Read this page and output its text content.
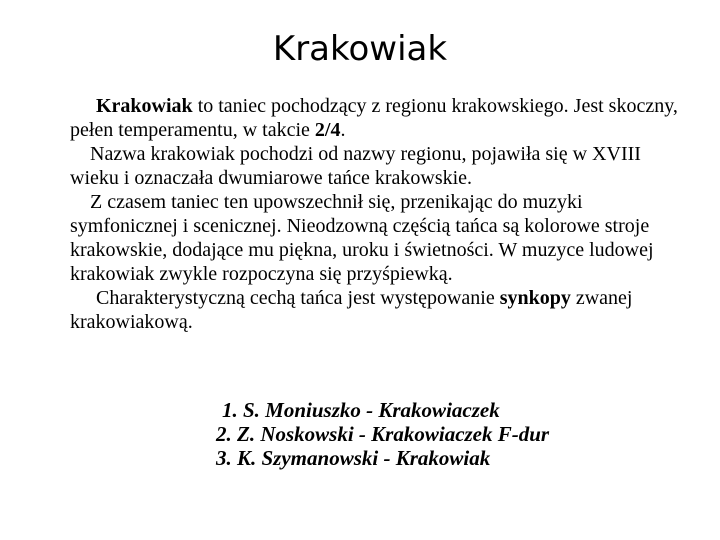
Krakowiak

Krakowiak to taniec pochodzący z regionu krakowskiego. Jest skoczny, pełen temperamentu, w takcie 2/4.

Nazwa krakowiak pochodzi od nazwy regionu, pojawiła się w XVIII wieku i oznaczała dwumiarowe tańce krakowskie.

Z czasem taniec ten upowszechnił się, przenikając do muzyki symfonicznej i scenicznej. Nieodzowną częścią tańca są kolorowe stroje krakowskie, dodające mu piękna, uroku i świetności. W muzyce ludowej krakowiak zwykle rozpoczyna się przyśpiewką.

Charakterystyczną cechą tańca jest występowanie synkopy zwanej krakowiakową.

1. S. Moniuszko - Krakowiaczek
2. Z. Noskowski - Krakowiaczek F-dur
3. K. Szymanowski - Krakowiak
